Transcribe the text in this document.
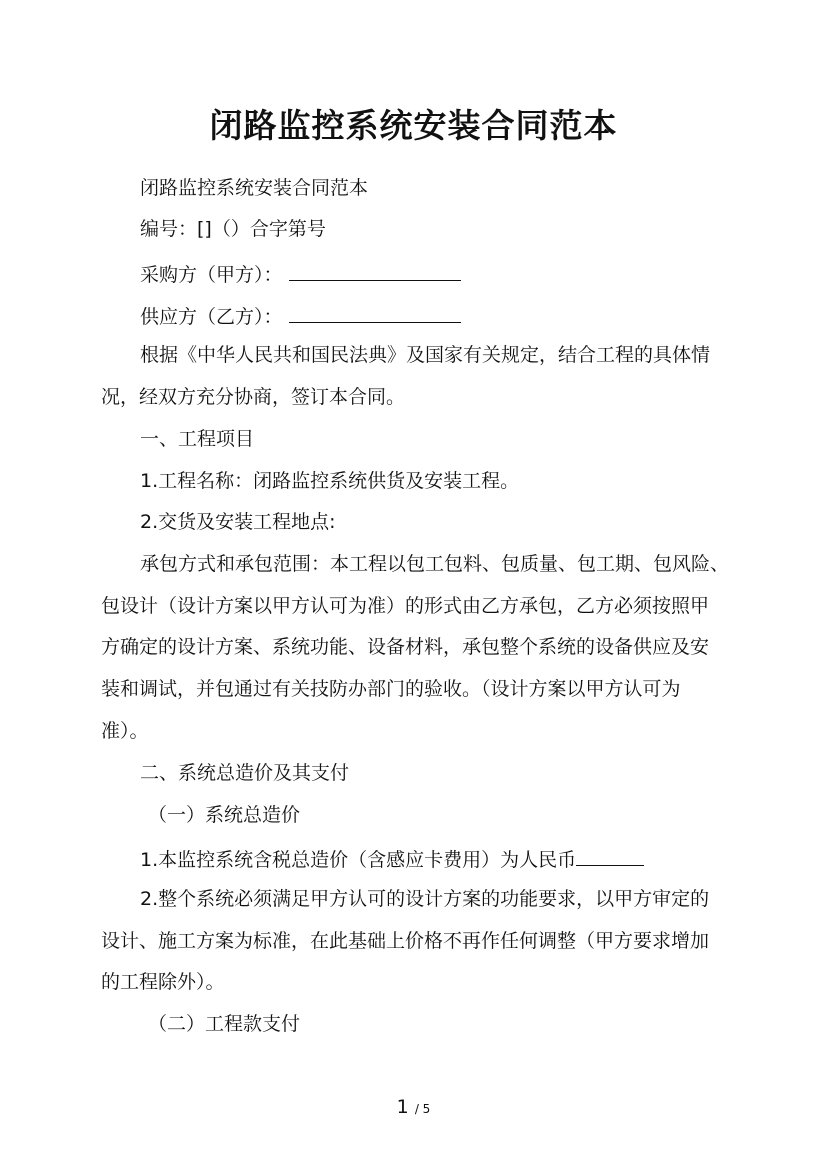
闭路监控系统安装合同范本
闭路监控系统安装合同范本
编号：[]（）合字第号
采购方（甲方）：
供应方（乙方）：
根据《中华人民共和国民法典》及国家有关规定，结合工程的具体情
况，经双方充分协商，签订本合同。
一、工程项目
1.工程名称：闭路监控系统供货及安装工程。
2.交货及安装工程地点:
承包方式和承包范围：本工程以包工包料、包质量、包工期、包风险、
包设计（设计方案以甲方认可为准）的形式由乙方承包，乙方必须按照甲
方确定的设计方案、系统功能、设备材料，承包整个系统的设备供应及安
装和调试，并包通过有关技防办部门的验收。（设计方案以甲方认可为
准）。
二、系统总造价及其支付
（一）系统总造价
1.本监控系统含税总造价（含感应卡费用）为人民币
2.整个系统必须满足甲方认可的设计方案的功能要求，以甲方审定的
设计、施工方案为标准，在此基础上价格不再作任何调整（甲方要求增加
的工程除外）。
（二）工程款支付
1 / 5
